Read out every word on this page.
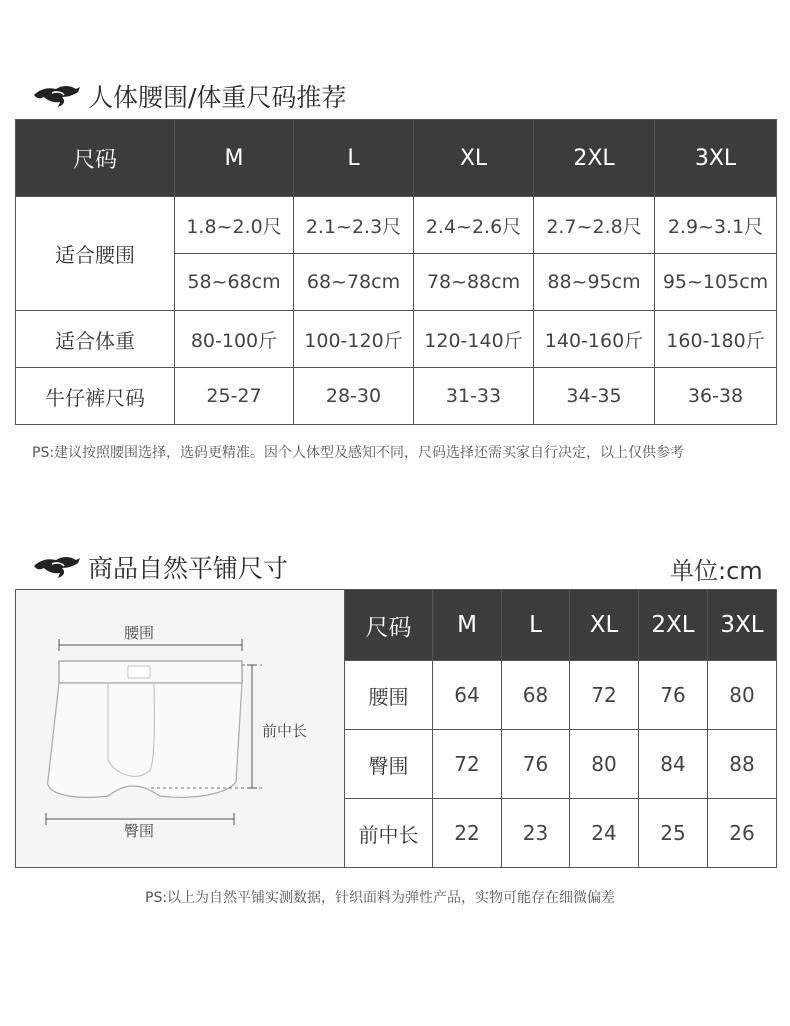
人体腰围/体重尺码推荐
尺码	M	L	XL	2XL	3XL
适合腰围	1.8~2.0尺	2.1~2.3尺	2.4~2.6尺	2.7~2.8尺	2.9~3.1尺
	58~68cm	68~78cm	78~88cm	88~95cm	95~105cm
适合体重	80-100斤	100-120斤	120-140斤	140-160斤	160-180斤
牛仔裤尺码	25-27	28-30	31-33	34-35	36-38
PS:建议按照腰围选择，选码更精准。因个人体型及感知不同，尺码选择还需买家自行决定，以上仅供参考
商品自然平铺尺寸	单位:cm
腰围
前中长
臀围
尺码	M	L	XL	2XL	3XL
腰围	64	68	72	76	80
臀围	72	76	80	84	88
前中长	22	23	24	25	26
PS:以上为自然平铺实测数据，针织面料为弹性产品，实物可能存在细微偏差
